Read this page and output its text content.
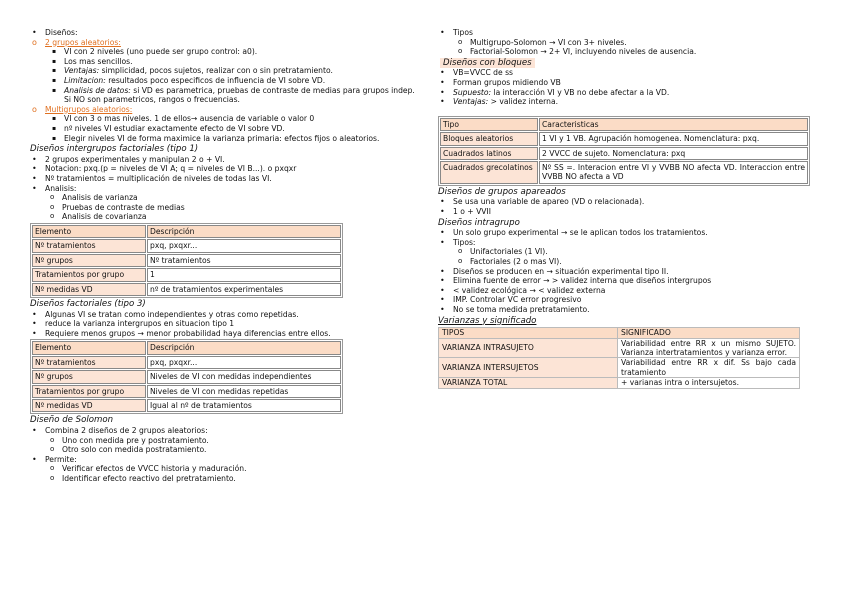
• Diseños:
o 2 grupos aleatorios:
▪ VI con 2 niveles (uno puede ser grupo control: a0).
▪ Los mas sencillos.
▪ Ventajas: simplicidad, pocos sujetos, realizar con o sin pretratamiento.
▪ Limitacion: resultados poco especificos de influencia de VI sobre VD.
▪ Analisis de datos: si VD es parametrica, pruebas de contraste de medias para grupos indep. Si NO son parametricos, rangos o frecuencias.
o Multigrupos aleatorios:
▪ VI con 3 o mas niveles. 1 de ellos→ ausencia de variable o valor 0
▪ nº niveles VI estudiar exactamente efecto de VI sobre VD.
▪ Elegir niveles VI de forma maximice la varianza primaria: efectos fijos o aleatorios.
Diseños intergrupos factoriales (tipo 1)
• 2 grupos experimentales y manipulan 2 o + VI.
• Notacion: pxq.(p = niveles de VI A; q = niveles de VI B...). o pxqxr
• Nº tratamientos = multiplicación de niveles de todas las VI.
• Analisis:
o Analisis de varianza
o Pruebas de contraste de medias
o Analisis de covarianza
Elemento	Descripción
Nº tratamientos	pxq, pxqxr...
Nº grupos	Nº tratamientos
Tratamientos por grupo	1
Nº medidas VD	nº de tratamientos experimentales
Diseños factoriales (tipo 3)
• Algunas VI se tratan como independientes y otras como repetidas.
• reduce la varianza intergrupos en situacion tipo 1
• Requiere menos grupos → menor probabilidad haya diferencias entre ellos.
Elemento	Descripción
Nº tratamientos	pxq, pxqxr...
Nº grupos	Niveles de VI con medidas independientes
Tratamientos por grupo	Niveles de VI con medidas repetidas
Nº medidas VD	Igual al nº de tratamientos
Diseño de Solomon
• Combina 2 diseños de 2 grupos aleatorios:
o Uno con medida pre y postratamiento.
o Otro solo con medida postratamiento.
• Permite:
o Verificar efectos de VVCC historia y maduración.
o Identificar efecto reactivo del pretratamiento.
• Tipos
o Multigrupo-Solomon → VI con 3+ niveles.
o Factorial-Solomon → 2+ VI, incluyendo niveles de ausencia.
Diseños con bloques
• VB=VVCC de ss
• Forman grupos midiendo VB
• Supuesto: la interacción VI y VB no debe afectar a la VD.
• Ventajas: > validez interna.
Tipo	Caracteristicas
Bloques aleatorios	1 VI y 1 VB. Agrupación homogenea. Nomenclatura: pxq.
Cuadrados latinos	2 VVCC de sujeto. Nomenclatura: pxq
Cuadrados grecolatinos	Nº SS =. Interacion entre VI y VVBB NO afecta VD. Interaccion entre VVBB NO afecta a VD
Diseños de grupos apareados
• Se usa una variable de apareo (VD o relacionada).
• 1 o + VVII
Diseños intragrupo
• Un solo grupo experimental → se le aplican todos los tratamientos.
• Tipos:
o Unifactoriales (1 VI).
o Factoriales (2 o mas VI).
• Diseños se producen en → situación experimental tipo II.
• Elimina fuente de error → > validez interna que diseños intergrupos
• < validez ecológica → < validez externa
• IMP. Controlar VC error progresivo
• No se toma medida pretratamiento.
Varianzas y significado
TIPOS	SIGNIFICADO
VARIANZA INTRASUJETO	Variabilidad entre RR x un mismo SUJETO. Varianza intertratamientos y varianza error.
VARIANZA INTERSUJETOS	Variabilidad entre RR x dif. Ss bajo cada tratamiento
VARIANZA TOTAL	+ varianas intra o intersujetos.
